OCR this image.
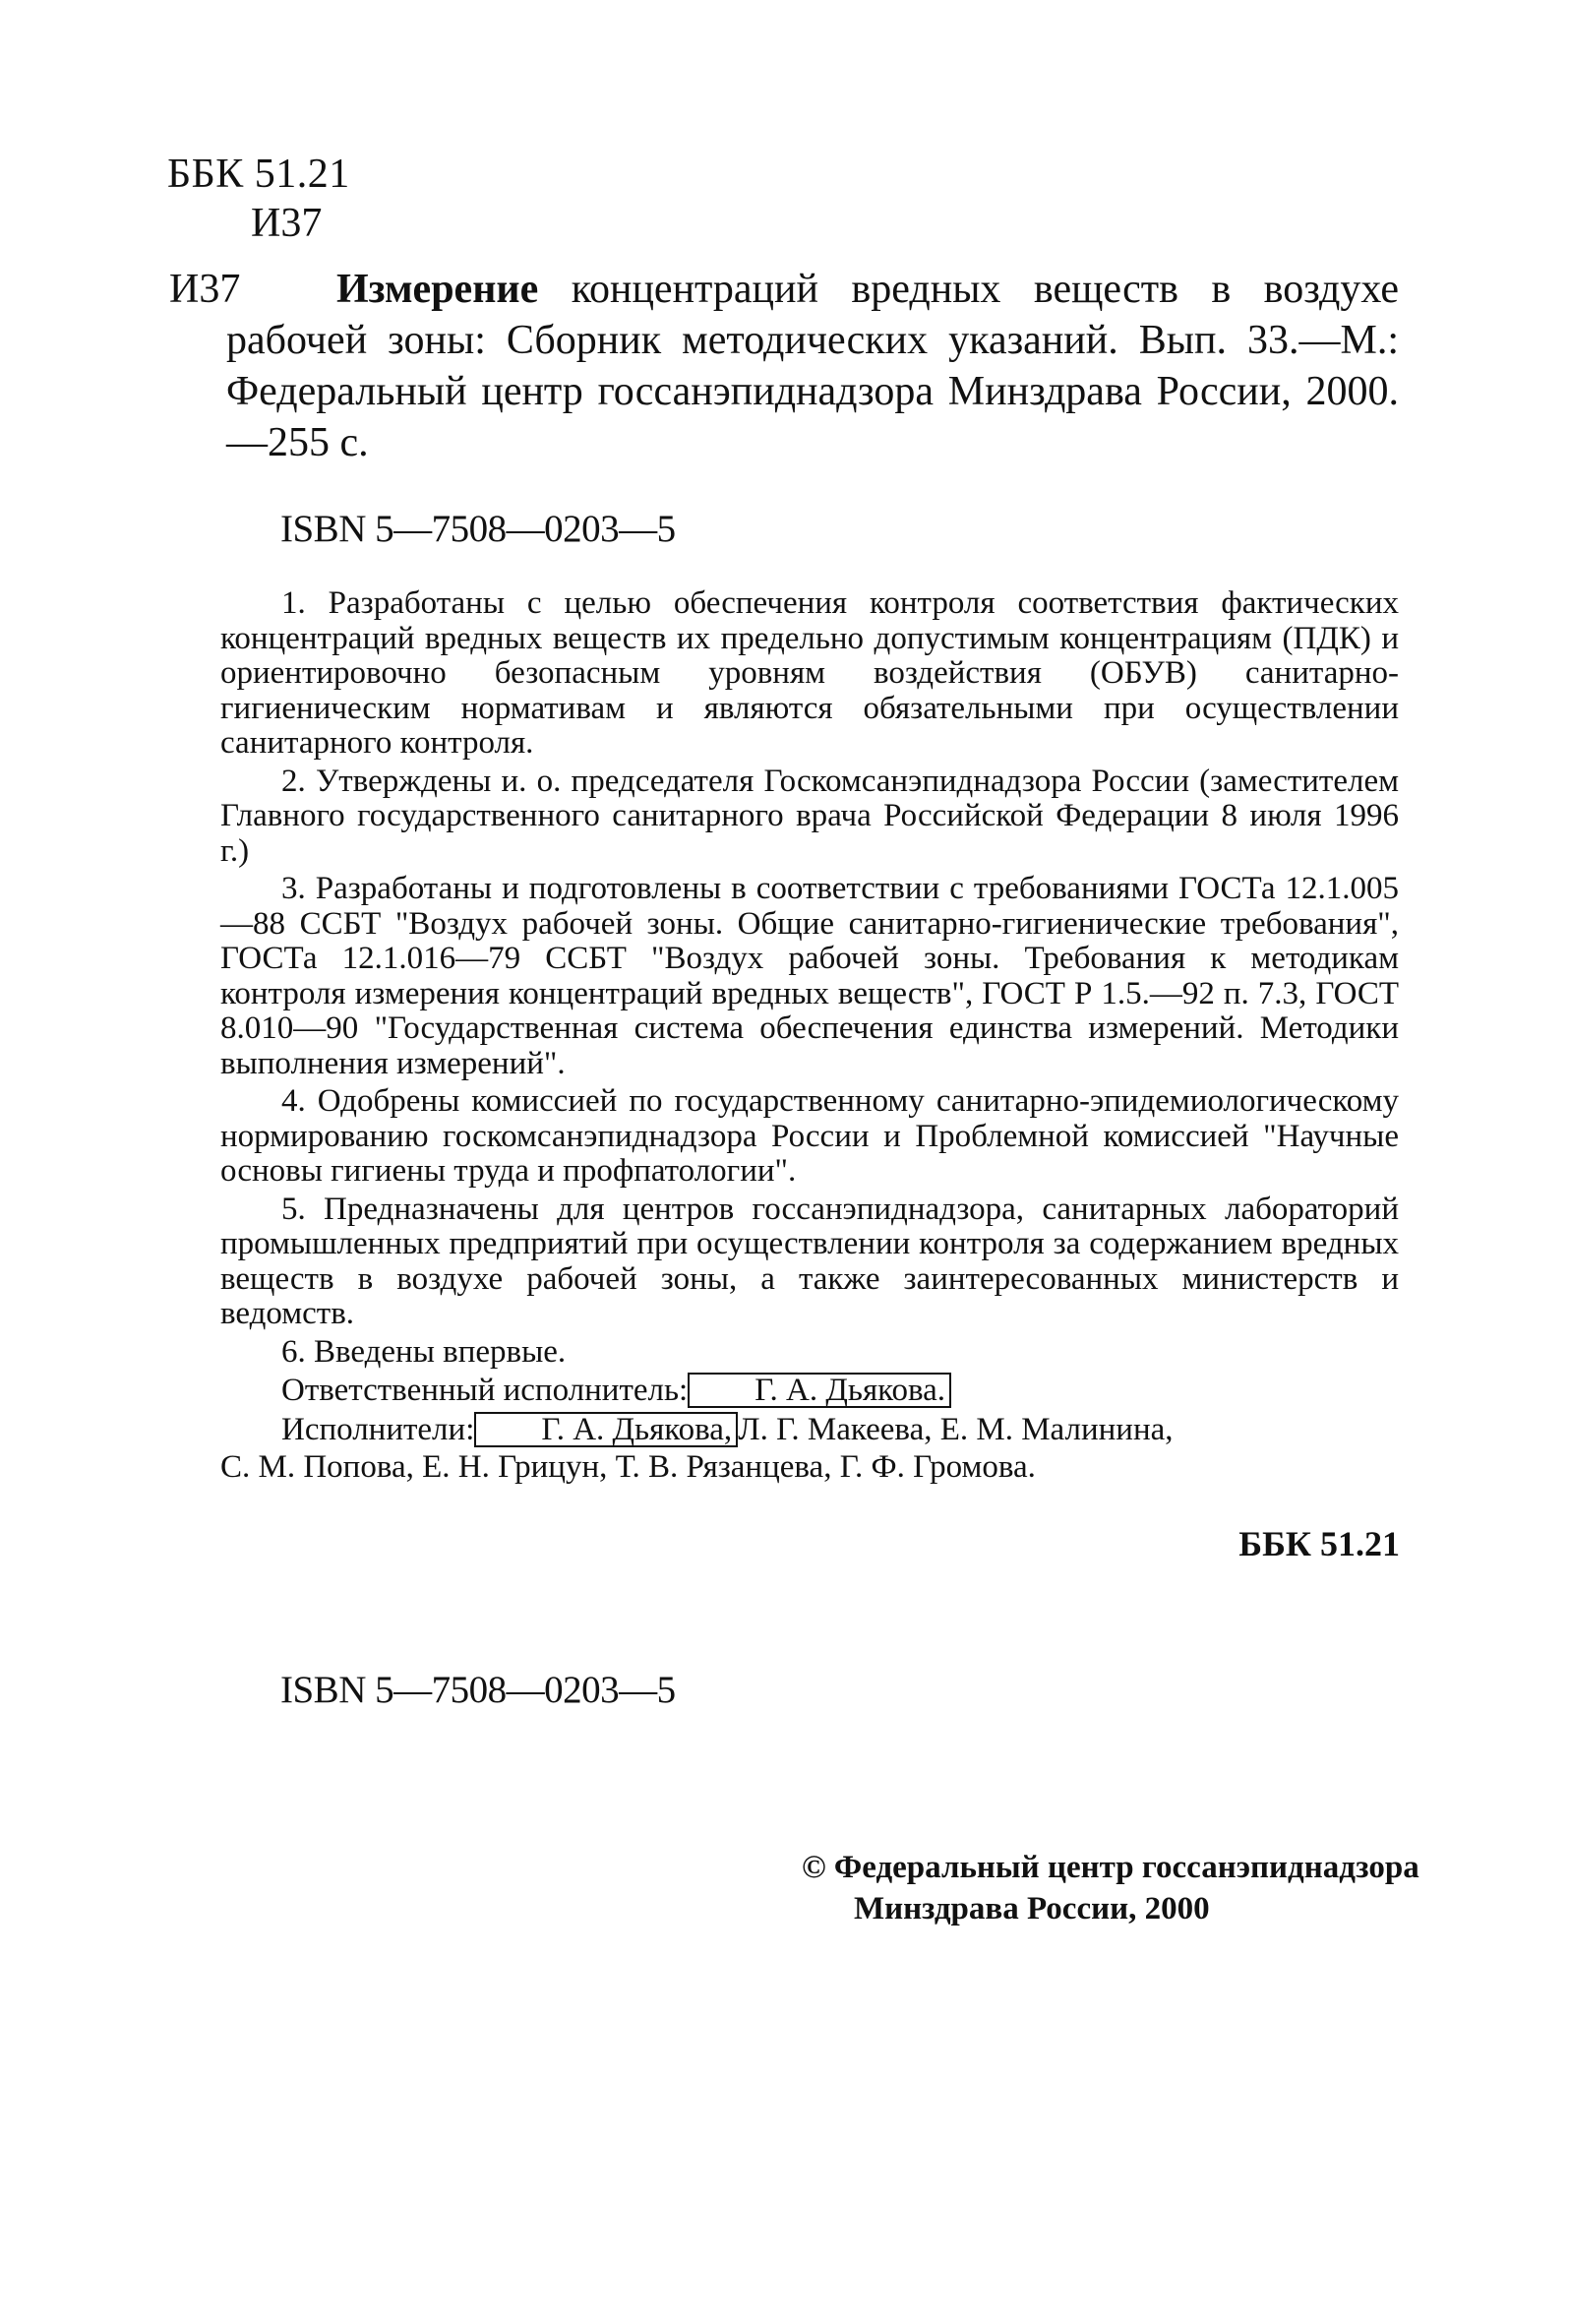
ББК 51.21
И37
И37	Измерение концентраций вредных веществ в воздухе рабочей зоны: Сборник методических указаний. Вып. 33.—М.: Федеральный центр госсанэпиднадзора Минздрава России, 2000.—255 с.
ISBN 5—7508—0203—5

1. Разработаны с целью обеспечения контроля соответствия фактических концентраций вредных веществ их предельно допустимым концентрациям (ПДК) и ориентировочно безопасным уровням воздействия (ОБУВ) санитарно-гигиеническим нормативам и являются обязательными при осуществлении санитарного контроля.

2. Утверждены и. о. председателя Госкомсанэпиднадзора России (заместителем Главного государственного санитарного врача Российской Федерации 8 июля 1996 г.)

3. Разработаны и подготовлены в соответствии с требованиями ГОСТа 12.1.005—88 ССБТ "Воздух рабочей зоны. Общие санитарно-гигиенические требования", ГОСТа 12.1.016—79 ССБТ "Воздух рабочей зоны. Требования к методикам контроля измерения концентраций вредных веществ", ГОСТ Р 1.5.—92 п. 7.3, ГОСТ 8.010—90 "Государственная система обеспечения единства измерений. Методики выполнения измерений".

4. Одобрены комиссией по государственному санитарно-эпидемиологическому нормированию госкомсанэпиднадзора России и Проблемной комиссией "Научные основы гигиены труда и профпатологии".

5. Предназначены для центров госсанэпиднадзора, санитарных лабораторий промышленных предприятий при осуществлении контроля за содержанием вредных веществ в воздухе рабочей зоны, а также заинтересованных министерств и ведомств.

6. Введены впервые.

Ответственный исполнитель: Г. А. Дьякова.

Исполнители: Г. А. Дьякова, Л. Г. Макеева, Е. М. Малинина,

С. М. Попова, Е. Н. Грицун, Т. В. Рязанцева, Г. Ф. Громова.

ББК 51.21
ISBN 5—7508—0203—5
© Федеральный центр госсанэпиднадзора
Минздрава России, 2000
